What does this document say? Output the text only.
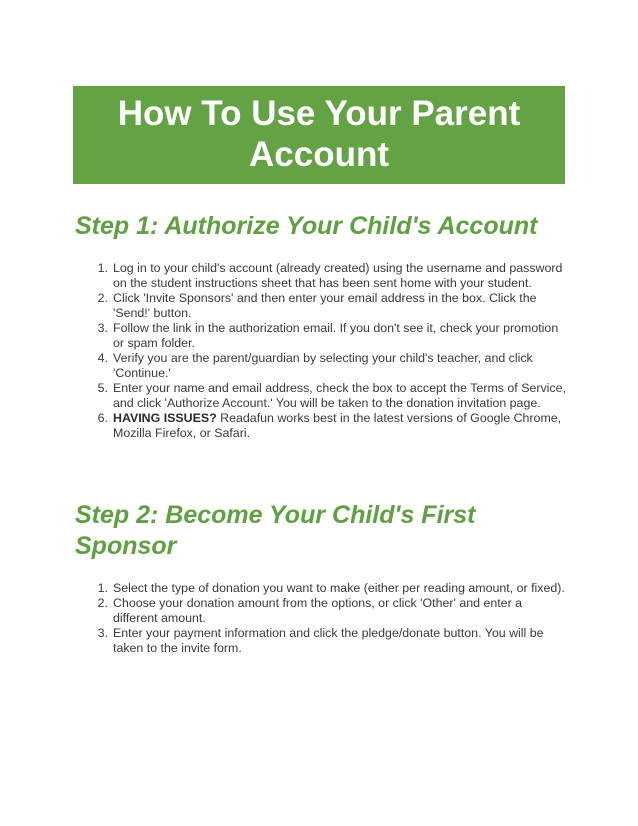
How To Use Your Parent
Account
Step 1: Authorize Your Child's Account
1. Log in to your child's account (already created) using the username and password on the student instructions sheet that has been sent home with your student.
2. Click 'Invite Sponsors' and then enter your email address in the box. Click the 'Send!' button.
3. Follow the link in the authorization email. If you don't see it, check your promotion or spam folder.
4. Verify you are the parent/guardian by selecting your child's teacher, and click 'Continue.'
5. Enter your name and email address, check the box to accept the Terms of Service, and click 'Authorize Account.' You will be taken to the donation invitation page.
6. HAVING ISSUES? Readafun works best in the latest versions of Google Chrome, Mozilla Firefox, or Safari.
Step 2: Become Your Child's First Sponsor
1. Select the type of donation you want to make (either per reading amount, or fixed).
2. Choose your donation amount from the options, or click 'Other' and enter a different amount.
3. Enter your payment information and click the pledge/donate button. You will be taken to the invite form.
